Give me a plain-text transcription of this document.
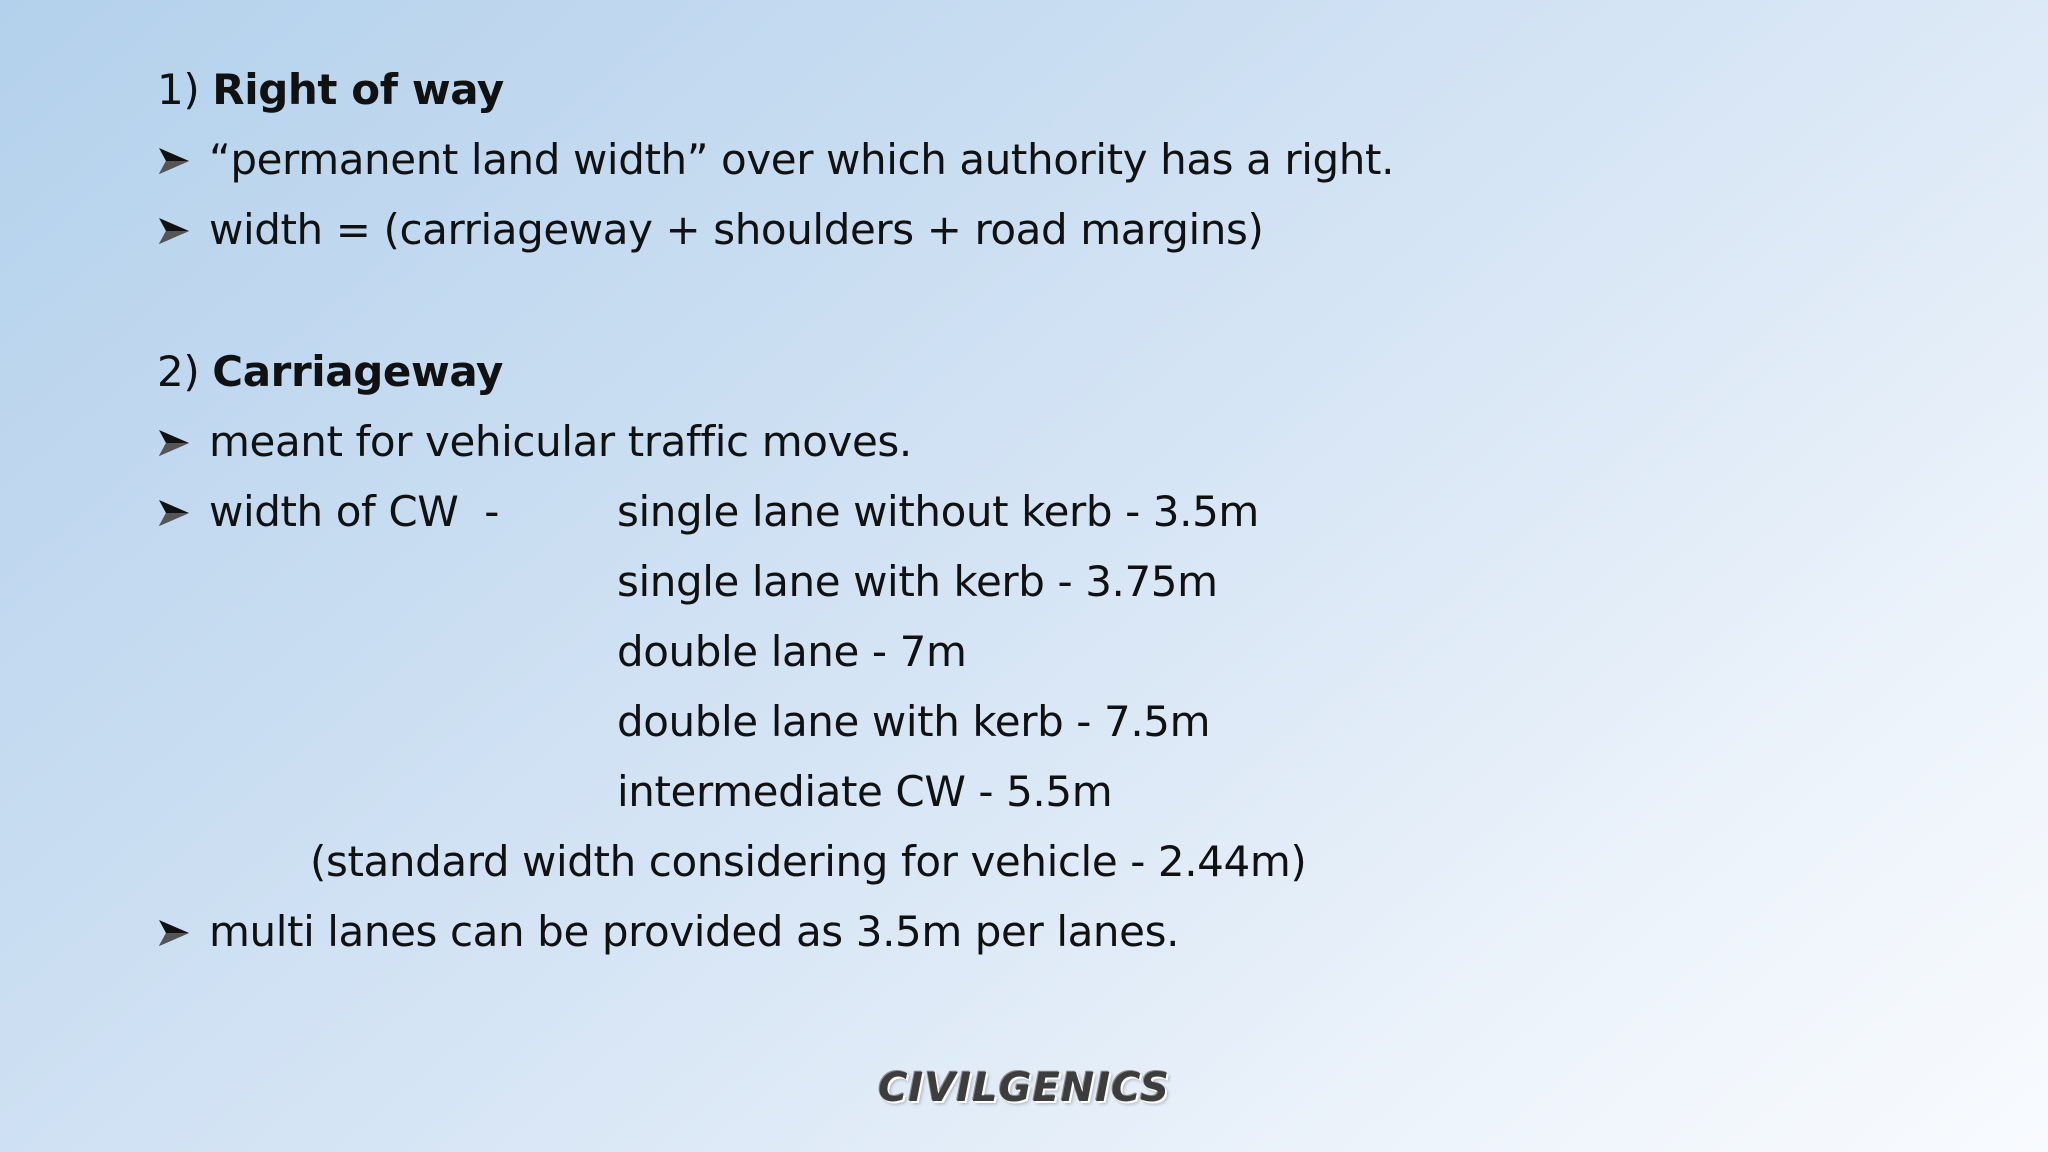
1) Right of way
“permanent land width” over which authority has a right.
width = (carriageway + shoulders + road margins)
2) Carriageway
meant for vehicular traffic moves.
width of CW  -	single lane without kerb - 3.5m
single lane with kerb - 3.75m
double lane - 7m
double lane with kerb - 7.5m
intermediate CW - 5.5m
(standard width considering for vehicle - 2.44m)
multi lanes can be provided as 3.5m per lanes.
CIVILGENICS
